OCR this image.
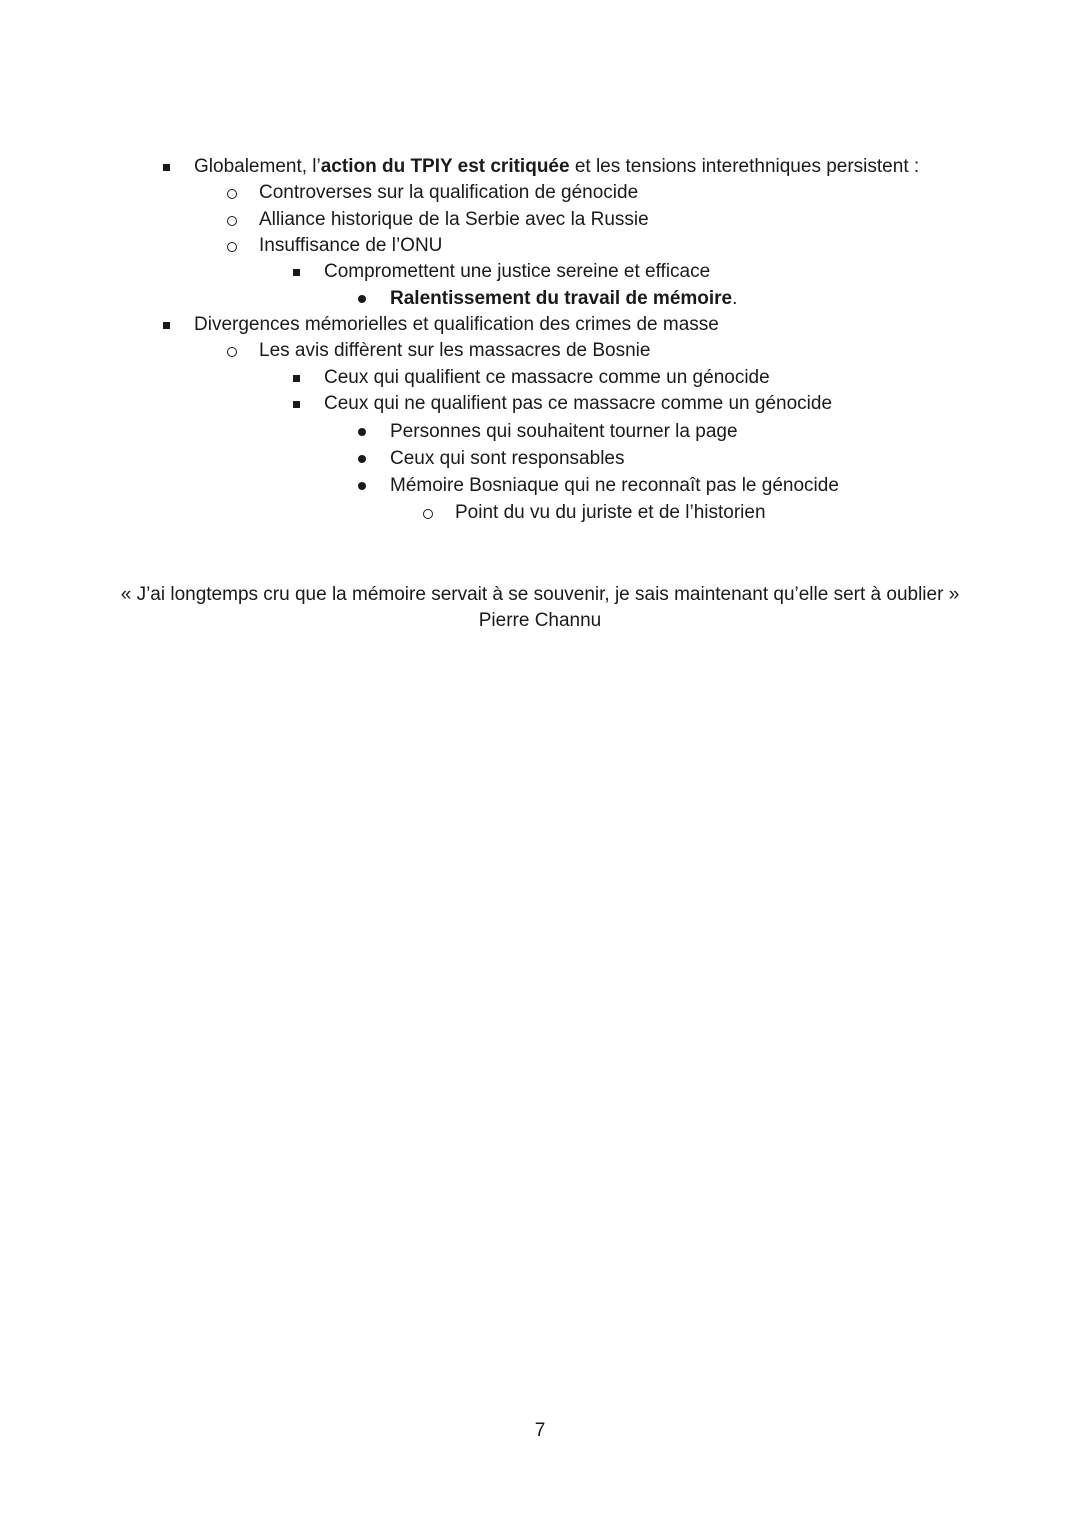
Globalement, l’action du TPIY est critiquée et les tensions interethniques persistent :
Controverses sur la qualification de génocide
Alliance historique de la Serbie avec la Russie
Insuffisance de l’ONU
Compromettent une justice sereine et efficace
Ralentissement du travail de mémoire.
Divergences mémorielles et qualification des crimes de masse
Les avis diffèrent sur les massacres de Bosnie
Ceux qui qualifient ce massacre comme un génocide
Ceux qui ne qualifient pas ce massacre comme un génocide
Personnes qui souhaitent tourner la page
Ceux qui sont responsables
Mémoire Bosniaque qui ne reconnaît pas le génocide
Point du vu du juriste et de l’historien
« J’ai longtemps cru que la mémoire servait à se souvenir, je sais maintenant qu’elle sert à oublier »
Pierre Channu
7
